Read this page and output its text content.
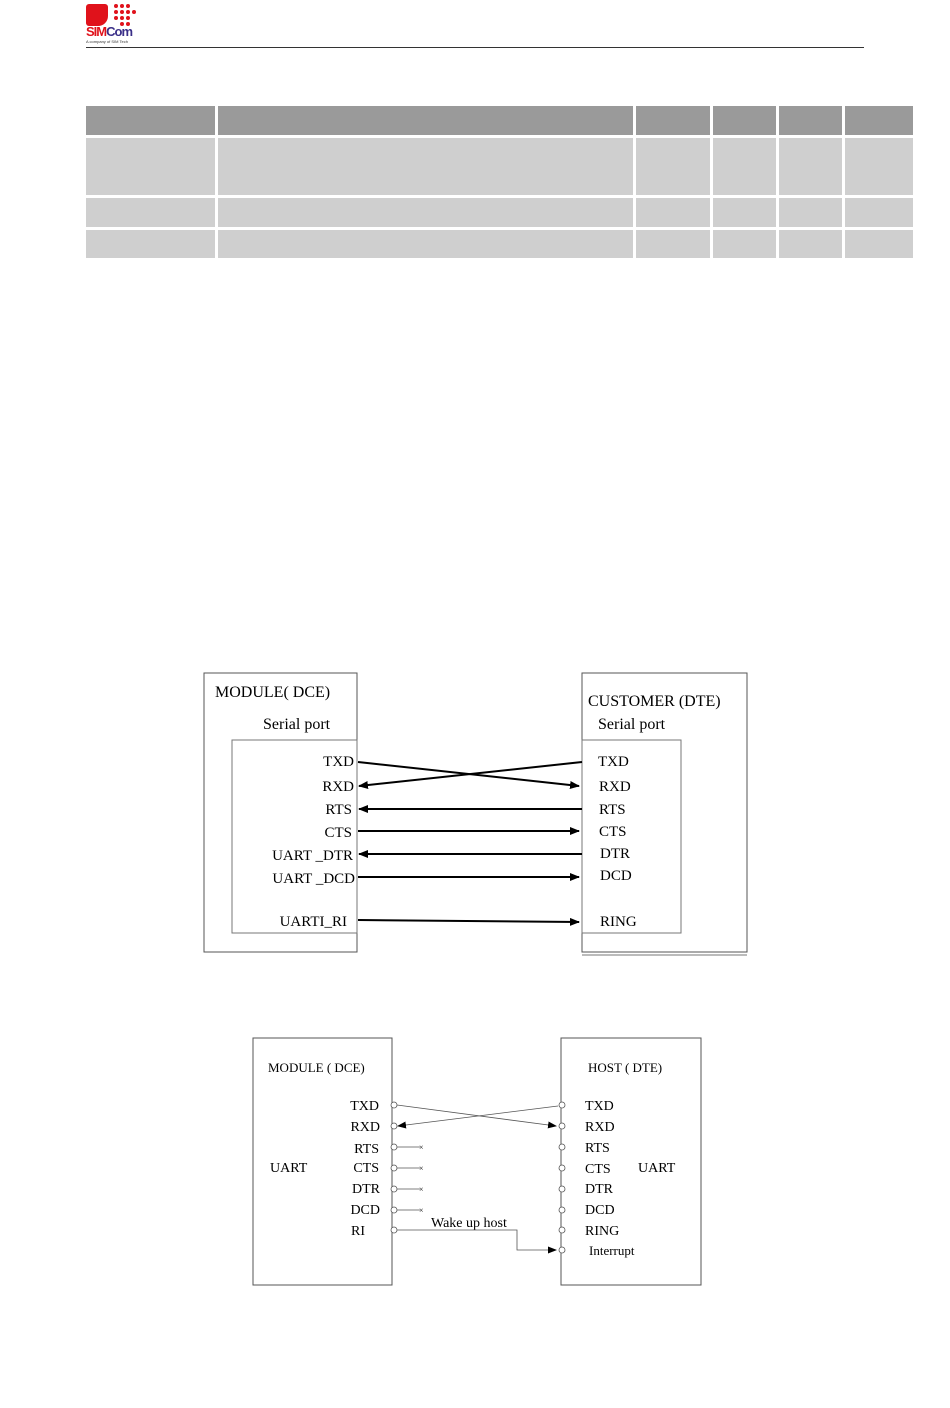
SIMCom
A company of SIM Tech

MODULE( DCE)
Serial port
CUSTOMER (DTE)
Serial port
TXD
RXD
RTS
CTS
UART _DTR
UART _DCD
UARTI_RI
TXD
RXD
RTS
CTS
DTR
DCD
RING
MODULE ( DCE)	HOST ( DTE)
UART	UART
TXD
RXD
RTS
CTS
DTR
DCD
RI
TXD
RXD
RTS
CTS
DTR
DCD
RING
Interrupt
Wake up host
×
×
×
×
